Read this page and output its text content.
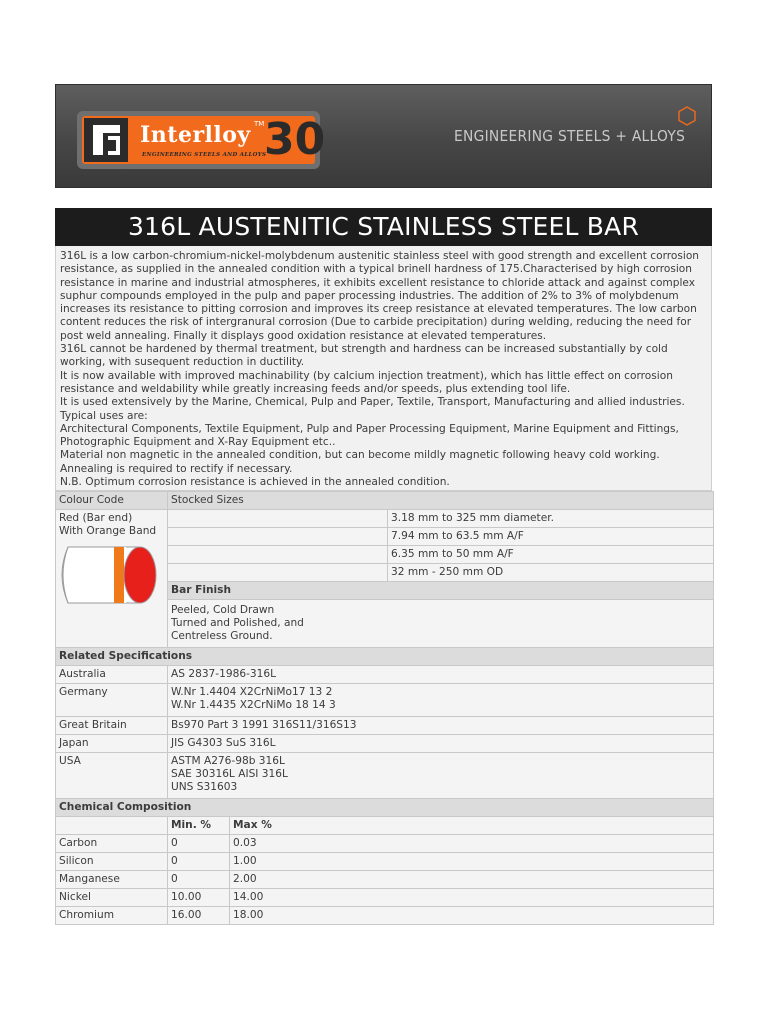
Interlloy TM
ENGINEERING STEELS AND ALLOYS
30	ENGINEERING STEELS + ALLOYS
316L AUSTENITIC STAINLESS STEEL BAR

316L is a low carbon-chromium-nickel-molybdenum austenitic stainless steel with good strength and excellent corrosion resistance, as supplied in the annealed condition with a typical brinell hardness of 175.Characterised by high corrosion resistance in marine and industrial atmospheres, it exhibits excellent resistance to chloride attack and against complex suphur compounds employed in the pulp and paper processing industries. The addition of 2% to 3% of molybdenum increases its resistance to pitting corrosion and improves its creep resistance at elevated temperatures. The low carbon content reduces the risk of intergranural corrosion (Due to carbide precipitation) during welding, reducing the need for post weld annealing. Finally it displays good oxidation resistance at elevated temperatures.

316L cannot be hardened by thermal treatment, but strength and hardness can be increased substantially by cold working, with susequent reduction in ductility.

It is now available with improved machinability (by calcium injection treatment), which has little effect on corrosion resistance and weldability while greatly increasing feeds and/or speeds, plus extending tool life.

It is used extensively by the Marine, Chemical, Pulp and Paper, Textile, Transport, Manufacturing and allied industries.

Typical uses are:

Architectural Components, Textile Equipment, Pulp and Paper Processing Equipment, Marine Equipment and Fittings, Photographic Equipment and X-Ray Equipment etc..

Material non magnetic in the annealed condition, but can become mildly magnetic following heavy cold working. Annealing is required to rectify if necessary.

N.B. Optimum corrosion resistance is achieved in the annealed condition.

Colour Code	Stocked Sizes		

Red (Bar end)
With Orange Band	Rounds		3.18 mm to 325 mm diameter.
	Hexagons		7.94 mm to 63.5 mm A/F
	Squares		6.35 mm to 50 mm A/F
	Hollow Bar		32 mm - 250 mm OD
	Bar Finish		

	Peeled, Cold Drawn
Turned and Polished, and
Centreless Ground.		

Related Specifications			
Australia	AS 2837-1986-316L		

Germany	W.Nr 1.4404 X2CrNiMo17 13 2
W.Nr 1.4435 X2CrNiMo 18 14 3		

Great Britain	Bs970 Part 3 1991 316S11/316S13		

Japan	JIS G4303 SuS 316L		

USA	ASTM A276-98b 316L
SAE 30316L AISI 316L
UNS S31603		

Chemical Composition			
	Min. %	Max %	
Carbon	0	0.03	
Silicon	0	1.00	
Manganese	0	2.00	
Nickel	10.00	14.00	
Chromium	16.00	18.00	
